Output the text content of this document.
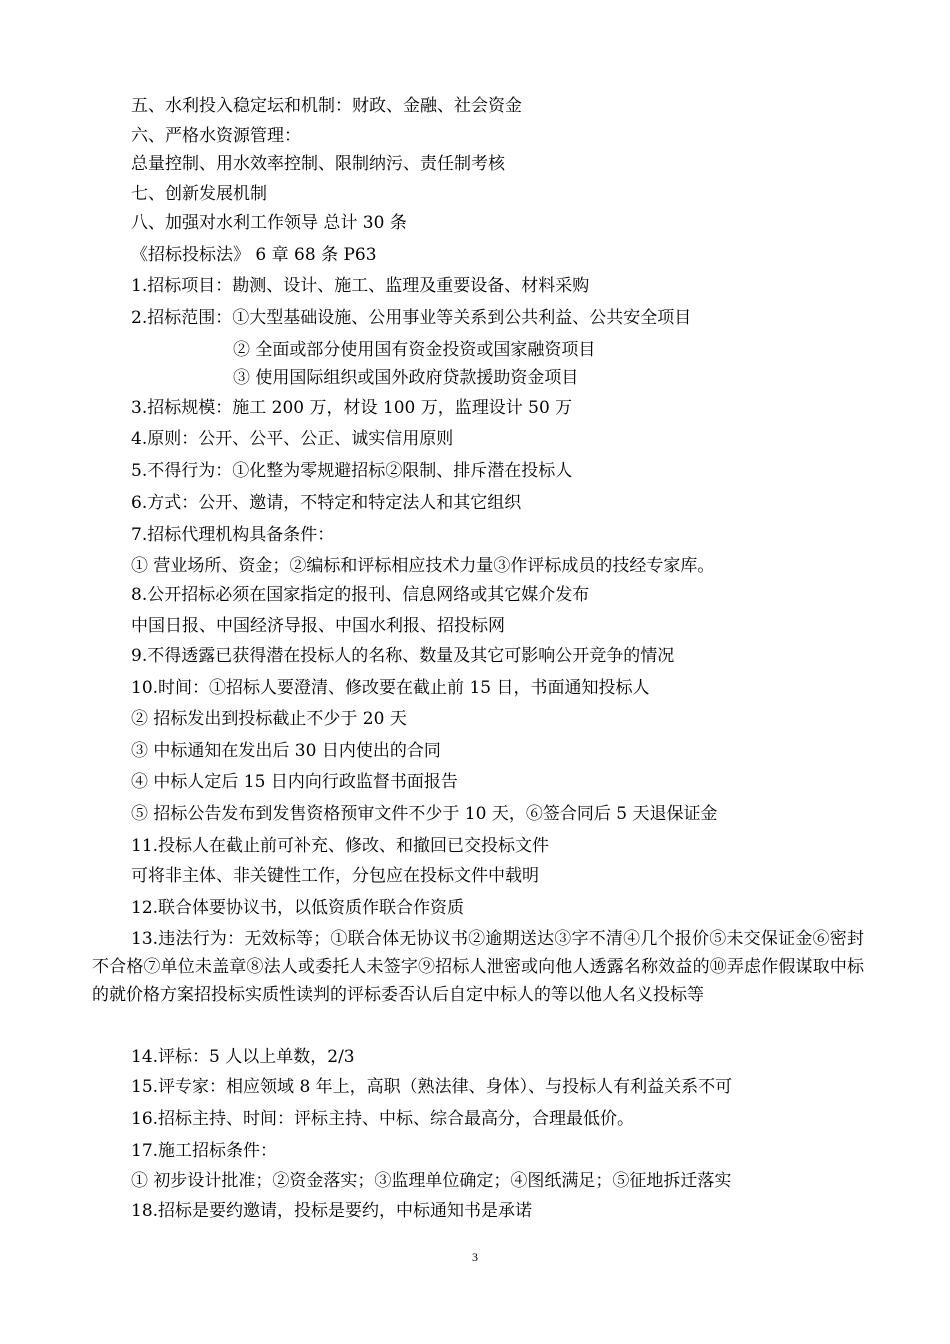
五、水利投入稳定坛和机制：财政、金融、社会资金
六、严格水资源管理：
总量控制、用水效率控制、限制纳污、责任制考核
七、创新发展机制
八、加强对水利工作领导 总计 30 条
《招标投标法》 6 章 68 条 P63
1.招标项目：勘测、设计、施工、监理及重要设备、材料采购
2.招标范围：①大型基础设施、公用事业等关系到公共利益、公共安全项目
② 全面或部分使用国有资金投资或国家融资项目
③ 使用国际组织或国外政府贷款援助资金项目
3.招标规模：施工 200 万，材设 100 万，监理设计 50 万
4.原则：公开、公平、公正、诚实信用原则
5.不得行为：①化整为零规避招标②限制、排斥潜在投标人
6.方式：公开、邀请，不特定和特定法人和其它组织
7.招标代理机构具备条件：
① 营业场所、资金；②编标和评标相应技术力量③作评标成员的技经专家库。
8.公开招标必须在国家指定的报刊、信息网络或其它媒介发布
中国日报、中国经济导报、中国水利报、招投标网
9.不得透露已获得潜在投标人的名称、数量及其它可影响公开竞争的情况
10.时间：①招标人要澄清、修改要在截止前 15 日，书面通知投标人
② 招标发出到投标截止不少于 20 天
③ 中标通知在发出后 30 日内使出的合同
④ 中标人定后 15 日内向行政监督书面报告
⑤ 招标公告发布到发售资格预审文件不少于 10 天，⑥签合同后 5 天退保证金
11.投标人在截止前可补充、修改、和撤回已交投标文件
可将非主体、非关键性工作，分包应在投标文件中载明
12.联合体要协议书，以低资质作联合作资质
13.违法行为：无效标等；①联合体无协议书②逾期送达③字不清④几个报价⑤未交保证金⑥密封不合格⑦单位未盖章⑧法人或委托人未签字⑨招标人泄密或向他人透露名称效益的⑩弄虑作假谋取中标的就价格方案招投标实质性读判的评标委否认后自定中标人的等以他人名义投标等
14.评标：5 人以上单数，2/3
15.评专家：相应领域 8 年上，高职（熟法律、身体）、与投标人有利益关系不可
16.招标主持、时间：评标主持、中标、综合最高分，合理最低价。
17.施工招标条件：
① 初步设计批准；②资金落实；③监理单位确定；④图纸满足；⑤征地拆迁落实
18.招标是要约邀请，投标是要约，中标通知书是承诺
3
